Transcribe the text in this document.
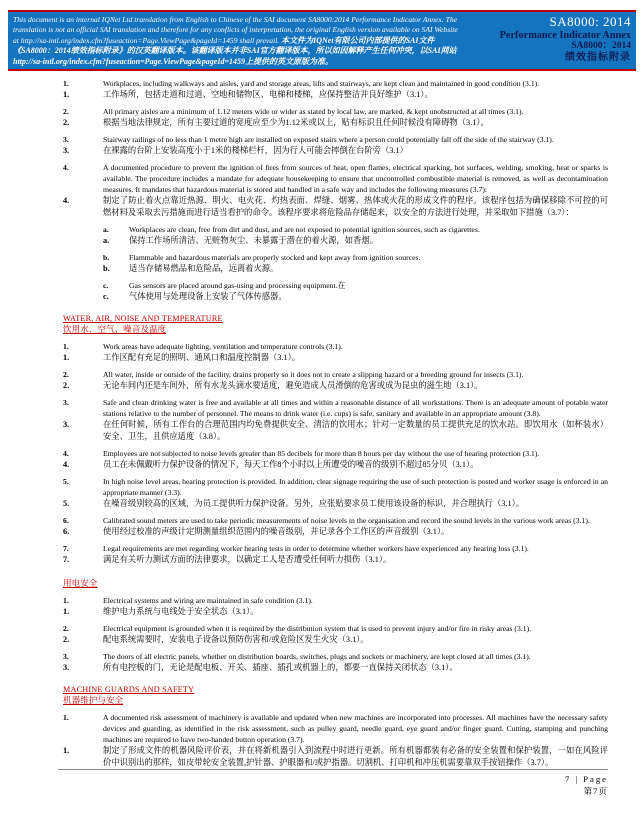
This document is an internal IQNet Ltd translation from English to Chinese of the SAI document SA8000:2014 Performance Indicator Annex. The translation is not an official SAI translation and therefore for any conflicts of interpretation, the original English version available on SAI Website at http://sa-intl.org/index.cfm?fuseaction=Page.ViewPage&pageId=1459 shall prevail. 本文件为IQNet有限公司内部提供的SAI文件《SA8000：2014绩效指标附录》的汉英翻译版本。该翻译版本并非SAI官方翻译版本，所以如因解释产生任何冲突，以SAI网站http://sa-intl.org/index.cfm?fuseaction=Page.ViewPage&pageId=1459上提供的英文原版为准。
SA8000: 2014
Performance Indicator Annex
SA8000：2014
绩效指标附录
1.	Workplaces, including walkways and aisles, yard and storage areas, lifts and stairways, are kept clean and maintained in good condition (3.1).
1.	工作场所，包括走道和过道、空地和储物区、电梯和楼梯，应保持整洁并良好维护（3.1）。
2.	All primary aisles are a minimum of 1.12 meters wide or wider as stated by local law, are marked, & kept unobstructed at all times (3.1).
2.	根据当地法律规定，所有主要过道的宽度应至少为1.12米或以上，贴有标识且任何时候没有障碍物（3.1）。
3.	Stairway railings of no less than 1 metre high are installed on exposed stairs where a person could potentially fall off the side of the stairway (3.1).
3.	在裸露的台阶上安装高度小于1米的楼梯栏杆，因为行人可能会摔倒在台阶旁（3.1）
4.	A documented procedure to prevent the ignition of fires from sources of heat, open flames, electrical sparking, hot surfaces, welding, smoking, heat or sparks is available. The procedure includes a mandate for adequate housekeeping to ensure that uncontrolled combustible material is removed, as well as decontamination measures. It mandates that hazardous material is stored and handled in a safe way and includes the following measures (3.7):
4.	制定了防止着火点靠近热源、明火、电火花、灼热表面、焊缝、烟雾、热体或火花的形成文件的程序。该程序包括为确保移除不可控的可燃材料及采取去污措施而进行适当看护的命令。该程序要求将危险品存储起来，以安全的方法进行处理，并采取如下措施（3.7）：
a.	Workplaces are clean, free from dirt and dust, and are not exposed to potential ignition sources, such as cigarettes.
a.	保持工作场所清洁、无赃物灰尘、未暴露于潜在的着火源，如香烟。
b.	Flammable and hazardous materials are properly stocked and kept away from ignition sources.
b.	适当存储易燃品和危险品，远离着火源。
c.	Gas sensors are placed around gas-using and processing equipment.在
c.	气体使用与处理设备上安装了气体传感器。
WATER, AIR, NOISE AND TEMPERATURE
饮用水、空气、噪音及温度
1.	Work areas have adequate lighting, ventilation and temperature controls (3.1).
1.	工作区配有充足的照明、通风口和温度控制器（3.1）。
2.	All water, inside or outside of the facility, drains properly so it does not to create a slipping hazard or a breeding ground for insects (3.1).
2.	无论车间内还是车间外，所有水龙头滴水要适度，避免造成人员滑倒的危害或成为昆虫的滋生地（3.1）。
3.	Safe and clean drinking water is free and available at all times and within a reasonable distance of all workstations. There is an adequate amount of potable water stations relative to the number of personnel. The means to drink water (i.e. cups) is safe, sanitary and available in an appropriate amount (3.8).
3.	在任何时候，所有工作台的合理范围内均免费提供安全、清洁的饮用水；针对一定数量的员工提供充足的饮水站。即饮用水（如杯装水）安全、卫生，且供应适度（3.8）。
4.	Employees are not subjected to noise levels greater than 85 decibels for more than 8 hours per day without the use of hearing protection (3.1).
4.	员工在未佩戴听力保护设备的情况下，每天工作8个小时以上所遭受的噪音的级别不超过85分贝（3.1）。
5.	In high noise level areas, hearing protection is provided. In addition, clear signage requiring the use of such protection is posted and worker usage is enforced in an appropriate manner (3.3).
5.	在噪音级别较高的区域，为员工提供听力保护设备。另外，应张贴要求员工使用该设备的标识，并合理执行（3.1）。
6.	Calibrated sound meters are used to take periodic measurements of noise levels in the organisation and record the sound levels in the various work areas (3.1).
6.	使用经过校准的声级计定期测量组织范围内的噪音级别，并记录各个工作区的声音级别（3.1）。
7.	Legal requirements are met regarding worker hearing tests in order to determine whether workers have experienced any hearing loss (3.1).
7.	满足有关听力测试方面的法律要求，以确定工人是否遭受任何听力损伤（3.1）。
用电安全
1.	Electrical systems and wiring are maintained in safe condition (3.1).
1.	维护电力系统与电线处于安全状态（3.1）。
2.	Electrical equipment is grounded when it is required by the distribution system that is used to prevent injury and/or fire in risky areas (3.1).
2.	配电系统需要时，安装电子设备以预防伤害和/或危险区发生火灾（3.1）。
3.	The doors of all electric panels, whether on distribution boards, switches, plugs and sockets or machinery, are kept closed at all times (3.1).
3.	所有电控板的门，无论是配电板、开关、插座、插孔或机器上的，都要一直保持关闭状态（3.1）。
MACHINE GUARDS AND SAFETY
机器维护与安全
1.	A documented risk assessment of machinery is available and updated when new machines are incorporated into processes. All machines have the necessary safety devices and guarding, as identified in the risk assessment, such as pulley guard, needle guard, eye guard and/or finger guard. Cutting, stamping and punching machines are required to have two-handed button operation (3.7).
1.	制定了形成文件的机器风险评价表，并在将新机器引入到流程中时进行更新。所有机器都装有必备的安全装置和保护装置，一如在风险评价中识别出的那样，如皮带轮安全装置,护针器、护眼器和/或护指器。切割机、打印机和冲压机需要靠双手按钮操作（3.7）。
7 | Page
第7页
